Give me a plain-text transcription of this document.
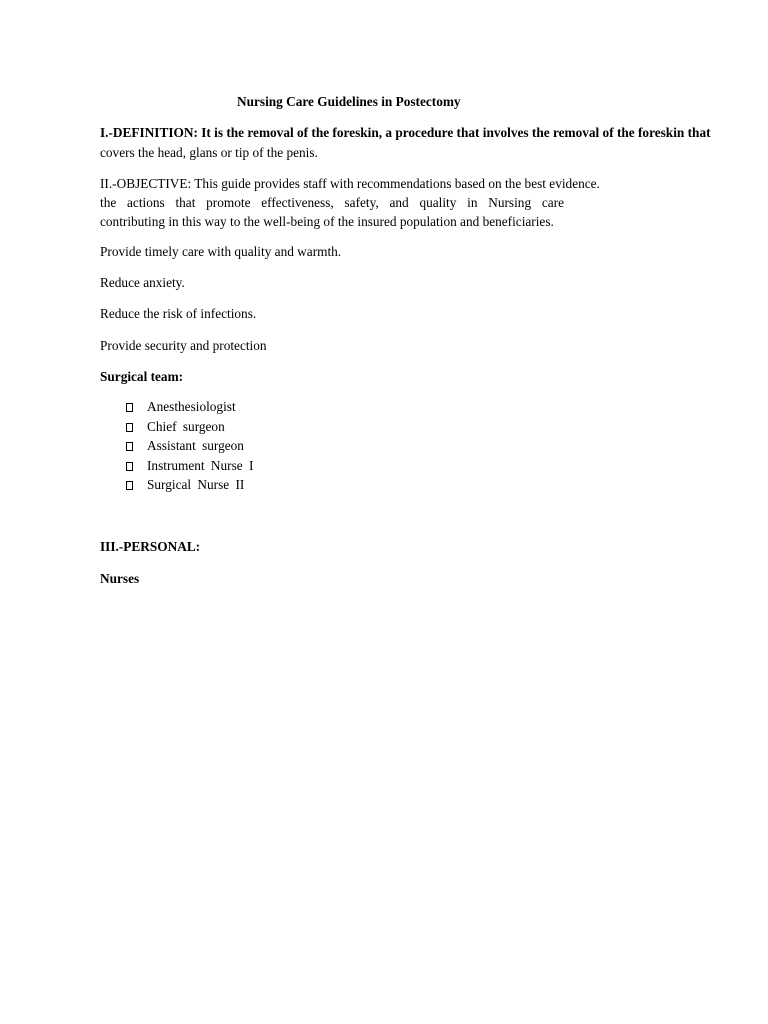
Nursing Care Guidelines in Postectomy
I.-DEFINITION: It is the removal of the foreskin, a procedure that involves the removal of the foreskin that
covers the head, glans or tip of the penis.
II.-OBJECTIVE: This guide provides staff with recommendations based on the best evidence.
the actions that promote effectiveness, safety, and quality in Nursing care
contributing in this way to the well-being of the insured population and beneficiaries.
Provide timely care with quality and warmth.
Reduce anxiety.
Reduce the risk of infections.
Provide security and protection
Surgical team:
Anesthesiologist
Chief surgeon
Assistant surgeon
Instrument Nurse I
Surgical Nurse II
III.-PERSONAL:
Nurses
